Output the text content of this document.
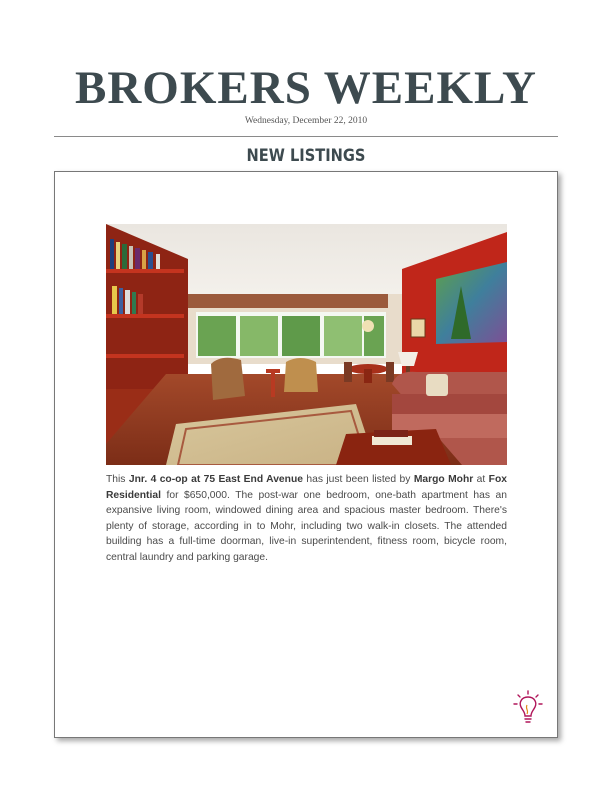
BROKERS WEEKLY
Wednesday, December 22, 2010
NEW LISTINGS
This Jnr. 4 co-op at 75 East End Avenue has just been listed by Margo Mohr at Fox Residential for $650,000. The post-war one bedroom, one-bath apartment has an expansive living room, windowed dining area and spacious master bedroom. There's plenty of storage, according in to Mohr, including two walk-in closets. The attended building has a full-time doorman, live-in superintendent, fitness room, bicycle room, central laundry and parking garage.
